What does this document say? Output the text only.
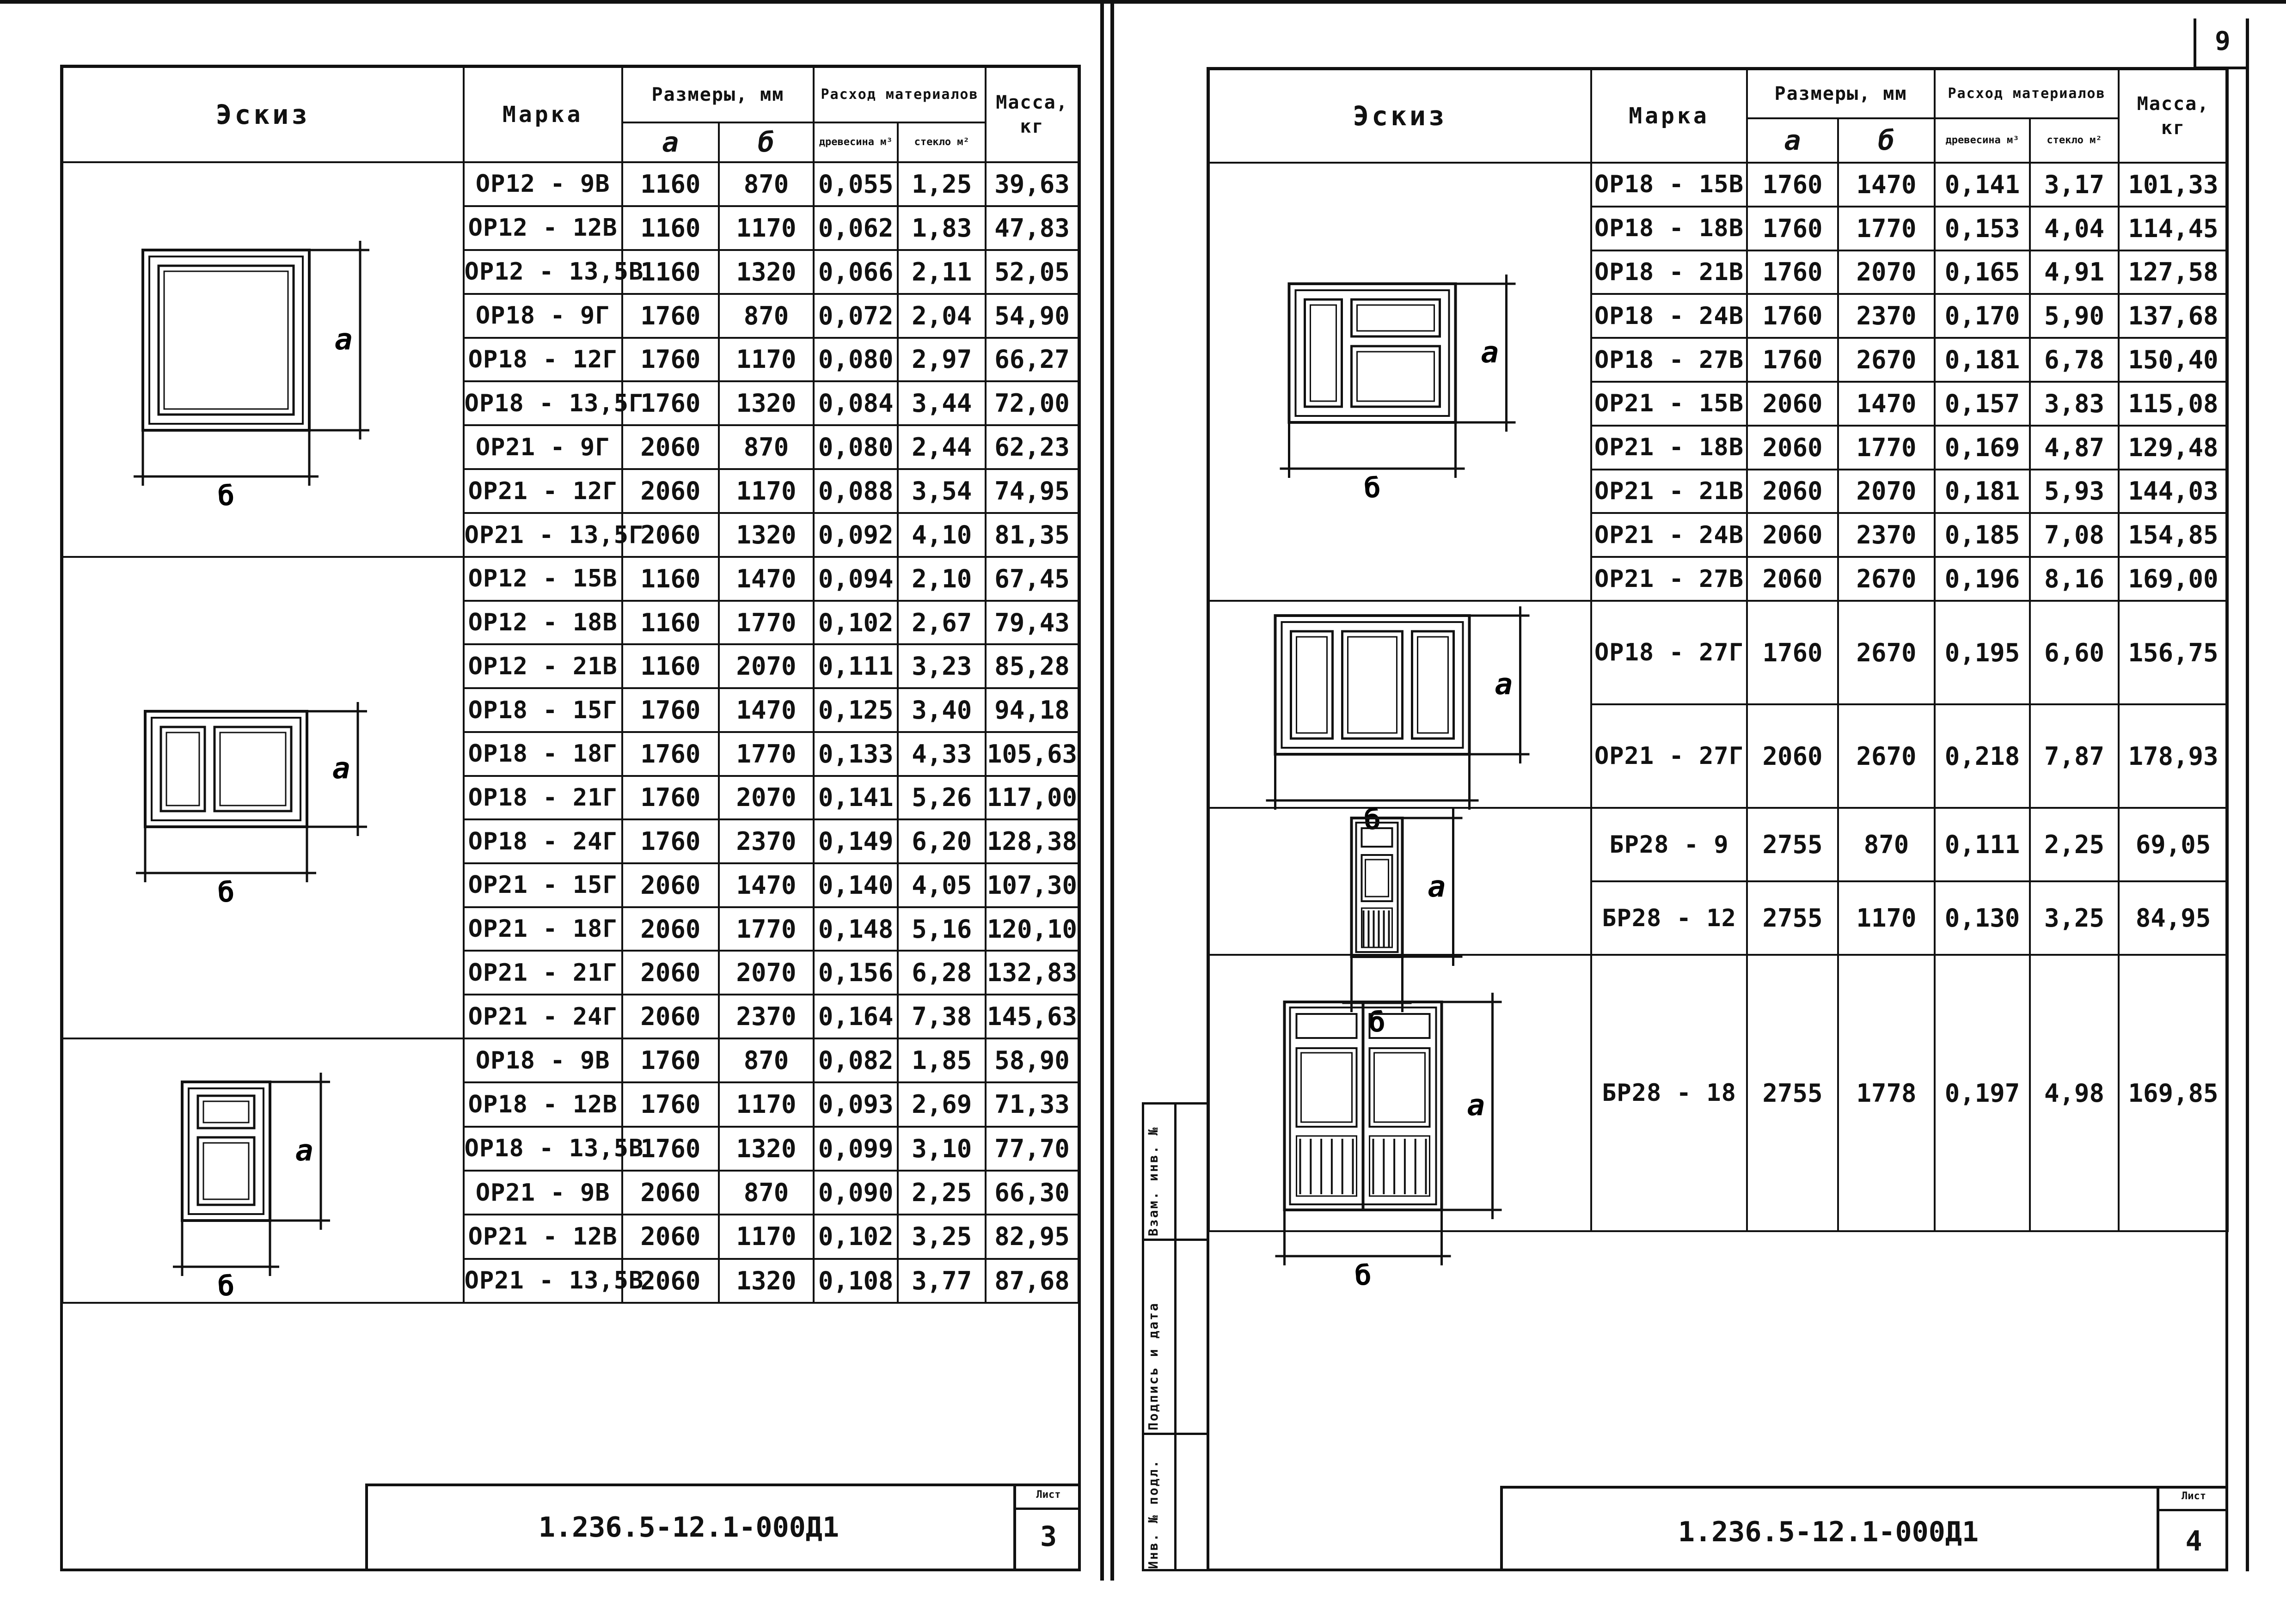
9
Эскиз	Марка	Размеры, мм		Расход материалов		Масса, кг
		а	б	древесина м³	стекло м²	

а
б	ОР12 - 9В	1160	870	0,055	1,25	39,63
	ОР12 - 12В	1160	1170	0,062	1,83	47,83
	ОР12 - 13,5В	1160	1320	0,066	2,11	52,05
	ОР18 - 9Г	1760	870	0,072	2,04	54,90
	ОР18 - 12Г	1760	1170	0,080	2,97	66,27
	ОР18 - 13,5Г	1760	1320	0,084	3,44	72,00
	ОР21 - 9Г	2060	870	0,080	2,44	62,23
	ОР21 - 12Г	2060	1170	0,088	3,54	74,95
	ОР21 - 13,5Г	2060	1320	0,092	4,10	81,35

а
б	ОР12 - 15В	1160	1470	0,094	2,10	67,45
	ОР12 - 18В	1160	1770	0,102	2,67	79,43
	ОР12 - 21В	1160	2070	0,111	3,23	85,28
	ОР18 - 15Г	1760	1470	0,125	3,40	94,18
	ОР18 - 18Г	1760	1770	0,133	4,33	105,63
	ОР18 - 21Г	1760	2070	0,141	5,26	117,00
	ОР18 - 24Г	1760	2370	0,149	6,20	128,38
	ОР21 - 15Г	2060	1470	0,140	4,05	107,30
	ОР21 - 18Г	2060	1770	0,148	5,16	120,10
	ОР21 - 21Г	2060	2070	0,156	6,28	132,83
	ОР21 - 24Г	2060	2370	0,164	7,38	145,63

а
б	ОР18 - 9В	1760	870	0,082	1,85	58,90
	ОР18 - 12В	1760	1170	0,093	2,69	71,33
	ОР18 - 13,5В	1760	1320	0,099	3,10	77,70
	ОР21 - 9В	2060	870	0,090	2,25	66,30
	ОР21 - 12В	2060	1170	0,102	3,25	82,95
	ОР21 - 13,5В	2060	1320	0,108	3,77	87,68
1.236.5-12.1-000Д1
Лист
3
Эскиз	Марка	Размеры, мм		Расход материалов		Масса, кг
		а	б	древесина м³	стекло м²	

а
б	ОР18 - 15В	1760	1470	0,141	3,17	101,33
	ОР18 - 18В	1760	1770	0,153	4,04	114,45
	ОР18 - 21В	1760	2070	0,165	4,91	127,58
	ОР18 - 24В	1760	2370	0,170	5,90	137,68
	ОР18 - 27В	1760	2670	0,181	6,78	150,40
	ОР21 - 15В	2060	1470	0,157	3,83	115,08
	ОР21 - 18В	2060	1770	0,169	4,87	129,48
	ОР21 - 21В	2060	2070	0,181	5,93	144,03
	ОР21 - 24В	2060	2370	0,185	7,08	154,85
	ОР21 - 27В	2060	2670	0,196	8,16	169,00

а
б	ОР18 - 27Г	1760	2670	0,195	6,60	156,75
	ОР21 - 27Г	2060	2670	0,218	7,87	178,93

а
б	БР28 - 9	2755	870	0,111	2,25	69,05
	БР28 - 12	2755	1170	0,130	3,25	84,95

а
б	БР28 - 18	2755	1778	0,197	4,98	169,85
Инв. № подл.
Подпись и дата
Взам. инв. №
1.236.5-12.1-000Д1
Лист
4
